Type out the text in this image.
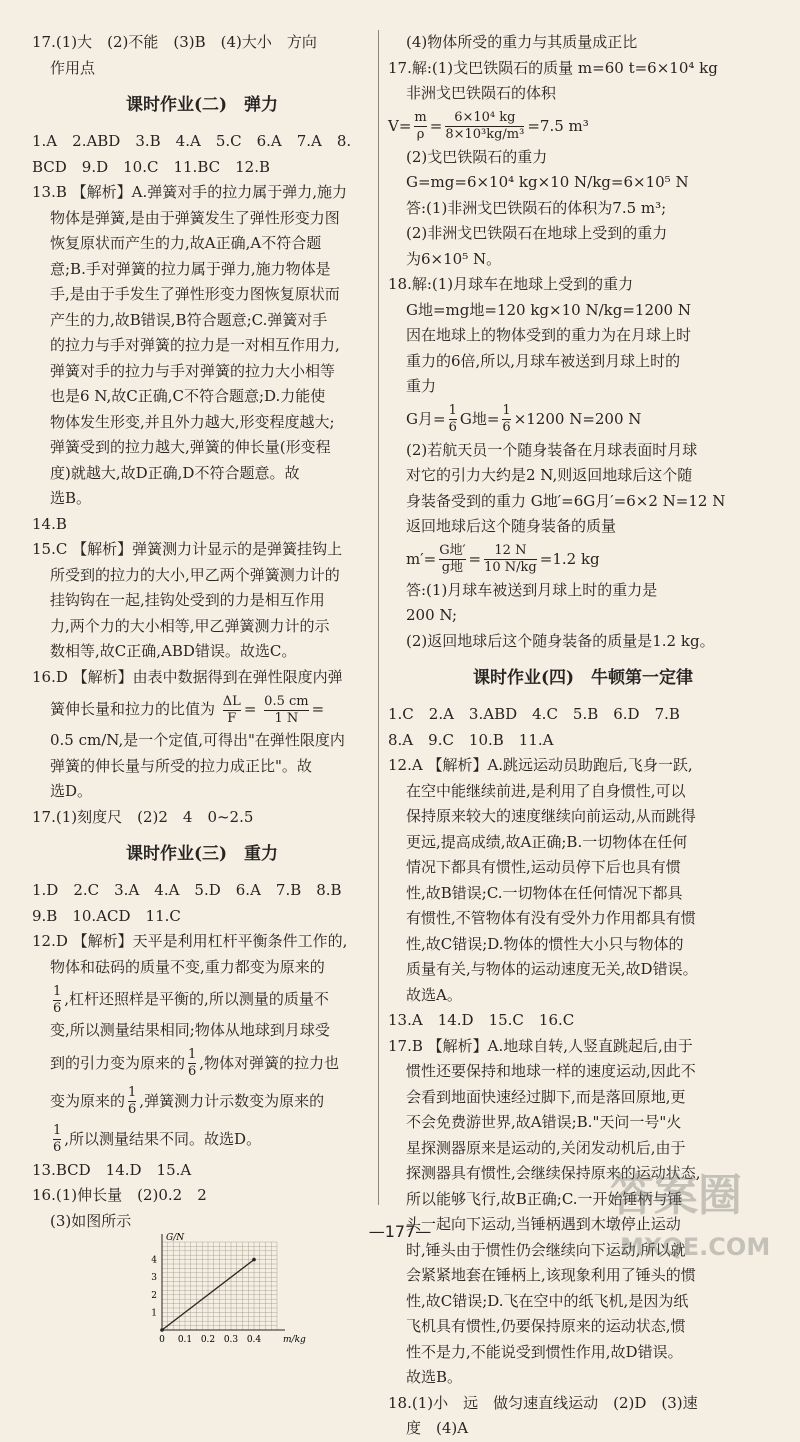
17.(1)大　(2)不能　(3)B　(4)大小　方向
作用点
课时作业(二)　弹力
1.A　2.ABD　3.B　4.A　5.C　6.A　7.A　8.
BCD　9.D　10.C　11.BC　12.B
13.B 【解析】A.弹簧对手的拉力属于弹力,施力
物体是弹簧,是由于弹簧发生了弹性形变力图
恢复原状而产生的力,故A正确,A不符合题
意;B.手对弹簧的拉力属于弹力,施力物体是
手,是由于手发生了弹性形变力图恢复原状而
产生的力,故B错误,B符合题意;C.弹簧对手
的拉力与手对弹簧的拉力是一对相互作用力,
弹簧对手的拉力与手对弹簧的拉力大小相等
也是6 N,故C正确,C不符合题意;D.力能使
物体发生形变,并且外力越大,形变程度越大;
弹簧受到的拉力越大,弹簧的伸长量(形变程
度)就越大,故D正确,D不符合题意。故
选B。
14.B
15.C 【解析】弹簧测力计显示的是弹簧挂钩上
所受到的拉力的大小,甲乙两个弹簧测力计的
挂钩钩在一起,挂钩处受到的力是相互作用
力,两个力的大小相等,甲乙弹簧测力计的示
数相等,故C正确,ABD错误。故选C。
16.D 【解析】由表中数据得到在弹性限度内弹
簧伸长量和拉力的比值为 $\frac{\Delta L}{F} = \frac{0.5 cm}{1 N}$ =
0.5 cm/N,是一个定值,可得出"在弹性限度内
弹簧的伸长量与所受的拉力成正比"。故
选D。
17.(1)刻度尺　(2)2　4　0~2.5
课时作业(三)　重力
1.D　2.C　3.A　4.A　5.D　6.A　7.B　8.B
9.B　10.ACD　11.C
12.D 【解析】天平是利用杠杆平衡条件工作的,
物体和砝码的质量不变,重力都变为原来的
$\frac{1}{6}$ ,杠杆还照样是平衡的,所以测量的质量不
变,所以测量结果相同;物体从地球到月球受
到的引力变为原来的 $\frac{1}{6}$ ,物体对弹簧的拉力也
变为原来的 $\frac{1}{6}$ ,弹簧测力计示数变为原来的
$\frac{1}{6}$ ,所以测量结果不同。故选D。
13.BCD　14.D　15.A
16.(1)伸长量　(2)0.2　2
(3)如图所示
0 0.1 0.2 0.3 0.4
1
2
3
4
m/kg
G/N
(4)物体所受的重力与其质量成正比
17.解:(1)戈巴铁陨石的质量 m=60 t=6×10⁴ kg
非洲戈巴铁陨石的体积
$V= \frac{m}{\rho} = \frac{\text{6×10⁴ kg}}{\text{8×10³kg/m³}} =7.5$ m³
(2)戈巴铁陨石的重力
G=mg=6×10⁴ kg×10 N/kg=6×10⁵ N
答:(1)非洲戈巴铁陨石的体积为7.5 m³;
(2)非洲戈巴铁陨石在地球上受到的重力
为6×10⁵ N。
18.解:(1)月球车在地球上受到的重力
G地=mg地=120 kg×10 N/kg=1200 N
因在地球上的物体受到的重力为在月球上时
重力的6倍,所以,月球车被送到月球上时的
重力
G月= $\frac{1}{6}$ G地= $\frac{1}{6} \times 1200$ N=200 N
(2)若航天员一个随身装备在月球表面时月球
对它的引力大约是2 N,则返回地球后这个随
身装备受到的重力 G地′=6G月′=6×2 N=12 N
返回地球后这个随身装备的质量
$m'= \frac{\text{G地′}}{\text{g地}} = \frac{12 N}{10 N/kg} =1.2$ kg
答:(1)月球车被送到月球上时的重力是
200 N;
(2)返回地球后这个随身装备的质量是1.2 kg。
课时作业(四)　牛顿第一定律
1.C　2.A　3.ABD　4.C　5.B　6.D　7.B
8.A　9.C　10.B　11.A
12.A 【解析】A.跳远运动员助跑后,飞身一跃,
在空中能继续前进,是利用了自身惯性,可以
保持原来较大的速度继续向前运动,从而跳得
更远,提高成绩,故A正确;B.一切物体在任何
情况下都具有惯性,运动员停下后也具有惯
性,故B错误;C.一切物体在任何情况下都具
有惯性,不管物体有没有受外力作用都具有惯
性,故C错误;D.物体的惯性大小只与物体的
质量有关,与物体的运动速度无关,故D错误。
故选A。
13.A　14.D　15.C　16.C
17.B 【解析】A.地球自转,人竖直跳起后,由于
惯性还要保持和地球一样的速度运动,因此不
会看到地面快速经过脚下,而是落回原地,更
不会免费游世界,故A错误;B."天问一号"火
星探测器原来是运动的,关闭发动机后,由于
探测器具有惯性,会继续保持原来的运动状态,
所以能够飞行,故B正确;C.一开始锤柄与锤
头一起向下运动,当锤柄遇到木墩停止运动
时,锤头由于惯性仍会继续向下运动,所以就
会紧紧地套在锤柄上,该现象利用了锤头的惯
性,故C错误;D.飞在空中的纸飞机,是因为纸
飞机具有惯性,仍要保持原来的运动状态,惯
性不是力,不能说受到惯性作用,故D错误。
故选B。
18.(1)小　远　做匀速直线运动　(2)D　(3)速
度　(4)A
—177—
答案圈
MXQE.COM
